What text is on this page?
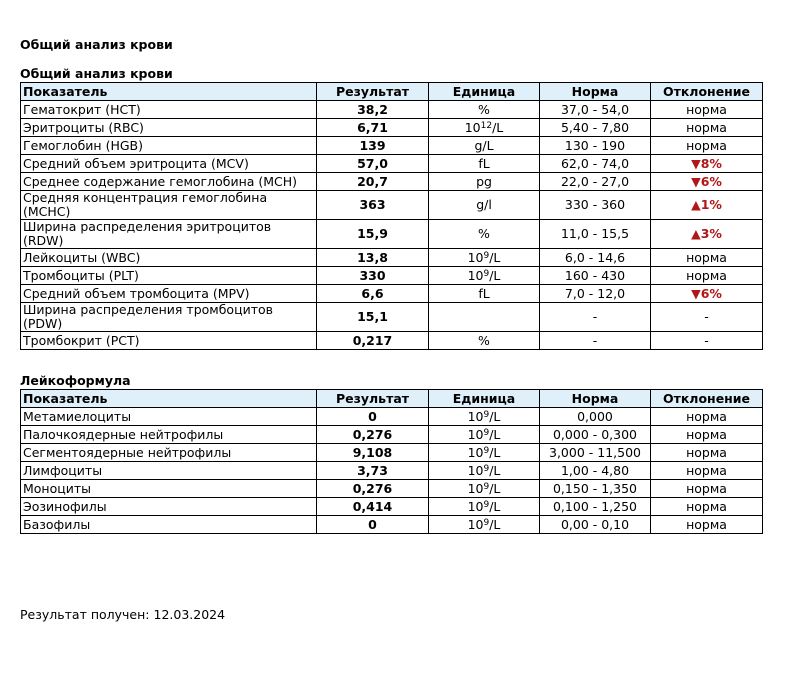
Общий анализ крови
Общий анализ крови
Показатель	Результат	Единица	Норма	Отклонение
Гематокрит (HCT)	38,2	%	37,0 - 54,0	норма
Эритроциты (RBC)	6,71	$10^{12}/L$	5,40 - 7,80	норма
Гемоглобин (HGB)	139	g/L	130 - 190	норма
Средний объем эритроцита (MCV)	57,0	fL	62,0 - 74,0	▼8%
Среднее содержание гемоглобина (MCH)	20,7	pg	22,0 - 27,0	▼6%
Средняя концентрация гемоглобина (MCHC)	363	g/l	330 - 360	▲1%
Ширина распределения эритроцитов (RDW)	15,9	%	11,0 - 15,5	▲3%
Лейкоциты (WBC)	13,8	$10^9/L$	6,0 - 14,6	норма
Тромбоциты (PLT)	330	$10^9/L$	160 - 430	норма
Средний объем тромбоцита (MPV)	6,6	fL	7,0 - 12,0	▼6%
Ширина распределения тромбоцитов (PDW)	15,1		-	-
Тромбокрит (PCT)	0,217	%	-	-
Лейкоформула
Показатель	Результат	Единица	Норма	Отклонение
Метамиелоциты	0	$10^9/L$	0,000	норма
Палочкоядерные нейтрофилы	0,276	$10^9/L$	0,000 - 0,300	норма
Сегментоядерные нейтрофилы	9,108	$10^9/L$	3,000 - 11,500	норма
Лимфоциты	3,73	$10^9/L$	1,00 - 4,80	норма
Моноциты	0,276	$10^9/L$	0,150 - 1,350	норма
Эозинофилы	0,414	$10^9/L$	0,100 - 1,250	норма
Базофилы	0	$10^9/L$	0,00 - 0,10	норма
Результат получен: 12.03.2024
